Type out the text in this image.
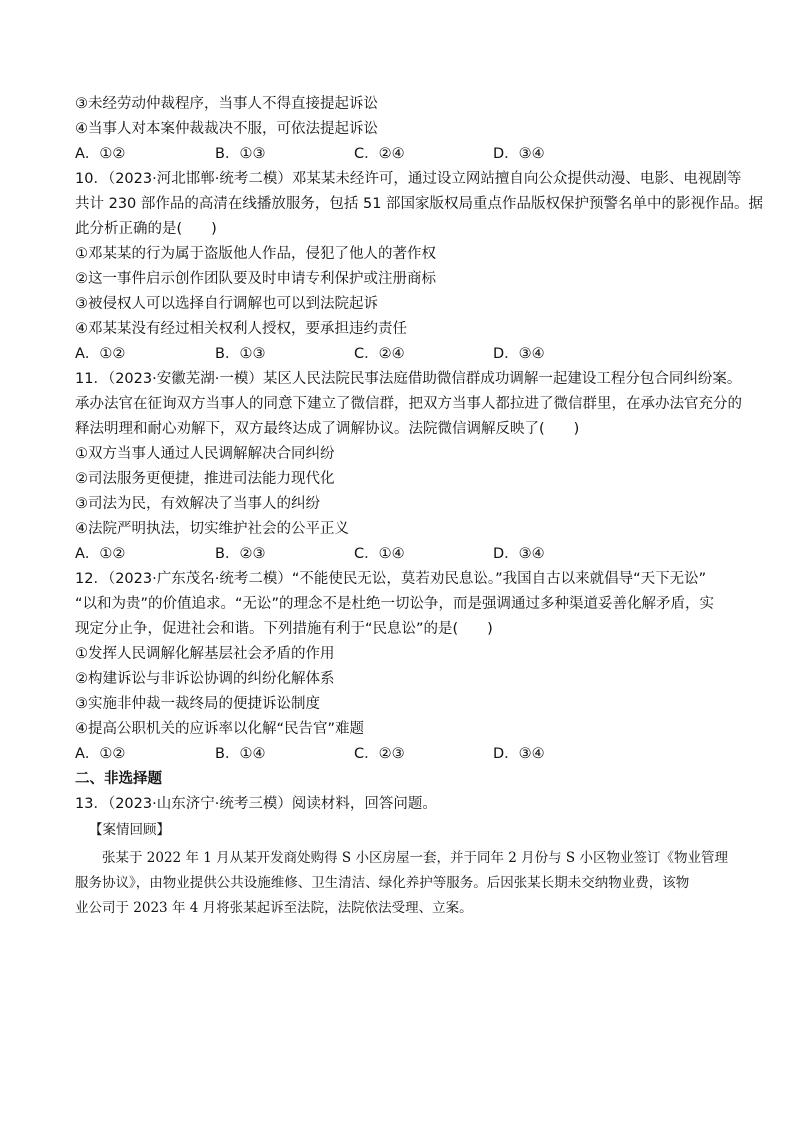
③未经劳动仲裁程序，当事人不得直接提起诉讼
④当事人对本案仲裁裁决不服，可依法提起诉讼
A．①②	B．①③	C．②④	D．③④
10．（2023·河北邯郸·统考二模）邓某某未经许可，通过设立网站擅自向公众提供动漫、电影、电视剧等
共计 230 部作品的高清在线播放服务，包括 51 部国家版权局重点作品版权保护预警名单中的影视作品。据
此分析正确的是(　　)
①邓某某的行为属于盗版他人作品，侵犯了他人的著作权
②这一事件启示创作团队要及时申请专利保护或注册商标
③被侵权人可以选择自行调解也可以到法院起诉
④邓某某没有经过相关权利人授权，要承担违约责任
A．①②	B．①③	C．②④	D．③④
11．（2023·安徽芜湖·一模）某区人民法院民事法庭借助微信群成功调解一起建设工程分包合同纠纷案。
承办法官在征询双方当事人的同意下建立了微信群，把双方当事人都拉进了微信群里，在承办法官充分的
释法明理和耐心劝解下，双方最终达成了调解协议。法院微信调解反映了(　　)
①双方当事人通过人民调解解决合同纠纷
②司法服务更便捷，推进司法能力现代化
③司法为民，有效解决了当事人的纠纷
④法院严明执法，切实维护社会的公平正义
A．①②	B．②③	C．①④	D．③④
12．（2023·广东茂名·统考二模）“不能使民无讼，莫若劝民息讼。”我国自古以来就倡导“天下无讼”
“以和为贵”的价值追求。“无讼”的理念不是杜绝一切讼争，而是强调通过多种渠道妥善化解矛盾，实
现定分止争，促进社会和谐。下列措施有利于“民息讼”的是(　　)
①发挥人民调解化解基层社会矛盾的作用
②构建诉讼与非诉讼协调的纠纷化解体系
③实施非仲裁一裁终局的便捷诉讼制度
④提高公职机关的应诉率以化解“民告官”难题
A．①②	B．①④	C．②③	D．③④
二、非选择题
13．（2023·山东济宁·统考三模）阅读材料，回答问题。
【案情回顾】
张某于 2022 年 1 月从某开发商处购得 S 小区房屋一套，并于同年 2 月份与 S 小区物业签订《物业管理
服务协议》，由物业提供公共设施维修、卫生清洁、绿化养护等服务。后因张某长期未交纳物业费，该物
业公司于 2023 年 4 月将张某起诉至法院，法院依法受理、立案。
